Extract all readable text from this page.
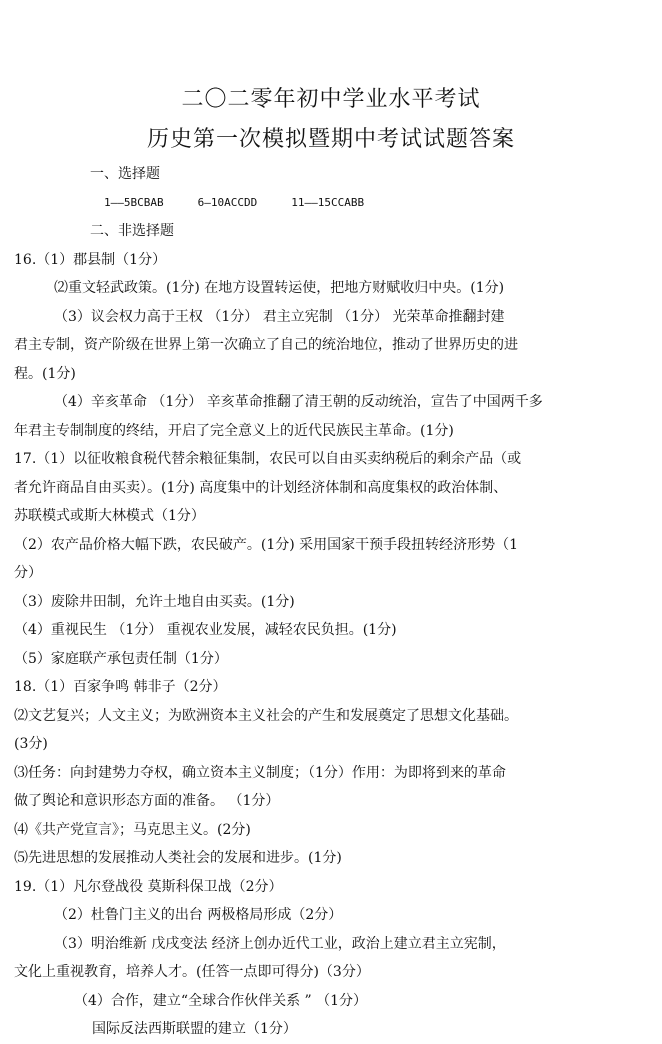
二〇二零年初中学业水平考试
历史第一次模拟暨期中考试试题答案
一、选择题
1——5BCBAB	6—10ACCDD	11——15CCABB
二、非选择题
16.（1）郡县制（1分）
⑵重文轻武政策。(1分) 在地方设置转运使，把地方财赋收归中央。(1分)
（3）议会权力高于王权 （1分） 君主立宪制 （1分） 光荣革命推翻封建
君主专制，资产阶级在世界上第一次确立了自己的统治地位，推动了世界历史的进
程。(1分)
（4）辛亥革命 （1分） 辛亥革命推翻了清王朝的反动统治，宣告了中国两千多
年君主专制制度的终结，开启了完全意义上的近代民族民主革命。(1分)
17.（1）以征收粮食税代替余粮征集制，农民可以自由买卖纳税后的剩余产品（或
者允许商品自由买卖）。(1分) 高度集中的计划经济体制和高度集权的政治体制、
苏联模式或斯大林模式（1分）
（2）农产品价格大幅下跌，农民破产。(1分) 采用国家干预手段扭转经济形势（1
分）
（3）废除井田制，允许土地自由买卖。(1分)
（4）重视民生 （1分） 重视农业发展，减轻农民负担。(1分)
（5）家庭联产承包责任制（1分）
18.（1）百家争鸣 韩非子（2分）
⑵文艺复兴；人文主义；为欧洲资本主义社会的产生和发展奠定了思想文化基础。
(3分)
⑶任务：向封建势力夺权，确立资本主义制度；（1分）作用：为即将到来的革命
做了舆论和意识形态方面的准备。 （1分）
⑷《共产党宣言》；马克思主义。(2分)
⑸先进思想的发展推动人类社会的发展和进步。(1分)
19.（1）凡尔登战役 莫斯科保卫战（2分）
（2）杜鲁门主义的出台 两极格局形成（2分）
（3）明治维新 戊戌变法 经济上创办近代工业，政治上建立君主立宪制，
文化上重视教育，培养人才。(任答一点即可得分)（3分）
（4）合作，建立“全球合作伙伴关系 ” （1分）
国际反法西斯联盟的建立（1分）
